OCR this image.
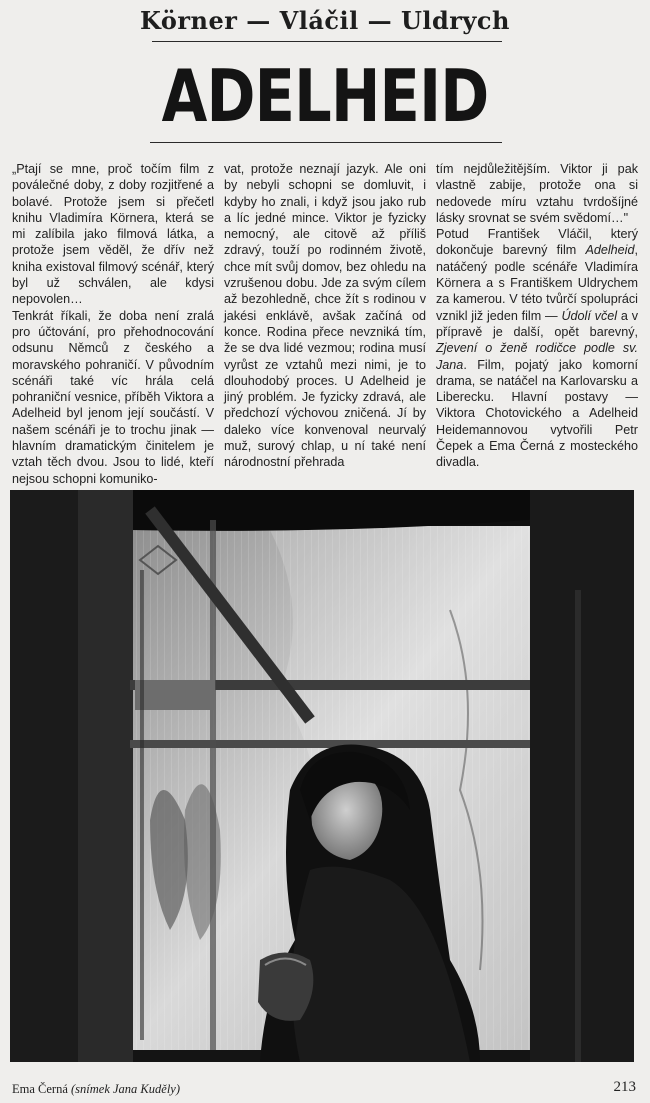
Körner — Vláčil — Uldrych
ADELHEID

„Ptají se mne, proč točím film z poválečné doby, z doby rozjitřené a bolavé. Protože jsem si přečetl knihu Vladimíra Körnera, která se mi zalíbila jako filmová látka, a protože jsem věděl, že dřív než kniha existoval filmový scénář, který byl už schválen, ale kdysi nepovolen…

Tenkrát říkali, že doba není zralá pro účtování, pro přehodnocování odsunu Němců z českého a moravského pohraničí. V původním scénáři také víc hrála celá pohraniční vesnice, příběh Viktora a Adelheid byl jenom její součástí. V našem scénáři je to trochu jinak — hlavním dramatickým činitelem je vztah těch dvou. Jsou to lidé, kteří nejsou schopni komuniko-

vat, protože neznají jazyk. Ale oni by nebyli schopni se domluvit, i kdyby ho znali, i když jsou jako rub a líc jedné mince. Viktor je fyzicky nemocný, ale citově až příliš zdravý, touží po rodinném životě, chce mít svůj domov, bez ohledu na vzrušenou dobu. Jde za svým cílem až bezohledně, chce žít s rodinou v jakési enklávě, avšak začíná od konce. Rodina přece nevzniká tím, že se dva lidé vezmou; rodina musí vyrůst ze vztahů mezi nimi, je to dlouhodobý proces. U Adelheid je jiný problém. Je fyzicky zdravá, ale předchozí výchovou zničená. Jí by daleko více konvenoval neurvalý muž, surový chlap, u ní také není národnostní přehrada

tím nejdůležitějším. Viktor ji pak vlastně zabije, protože ona si nedovede míru vztahu tvrdošíjné lásky srovnat se svém svědomí…"

Potud František Vláčil, který dokončuje barevný film Adelheid, natáčený podle scénáře Vladimíra Körnera a s Františkem Uldrychem za kamerou. V této tvůrčí spolupráci vznikl již jeden film — Údolí včel a v přípravě je další, opět barevný, Zjevení o ženě rodičce podle sv. Jana. Film, pojatý jako komorní drama, se natáčel na Karlovarsku a Liberecku. Hlavní postavy — Viktora Chotovického a Adelheid Heidemannovou vytvořili Petr Čepek a Ema Černá z mosteckého divadla.

Ema Černá (snímek Jana Kuděly)	213
